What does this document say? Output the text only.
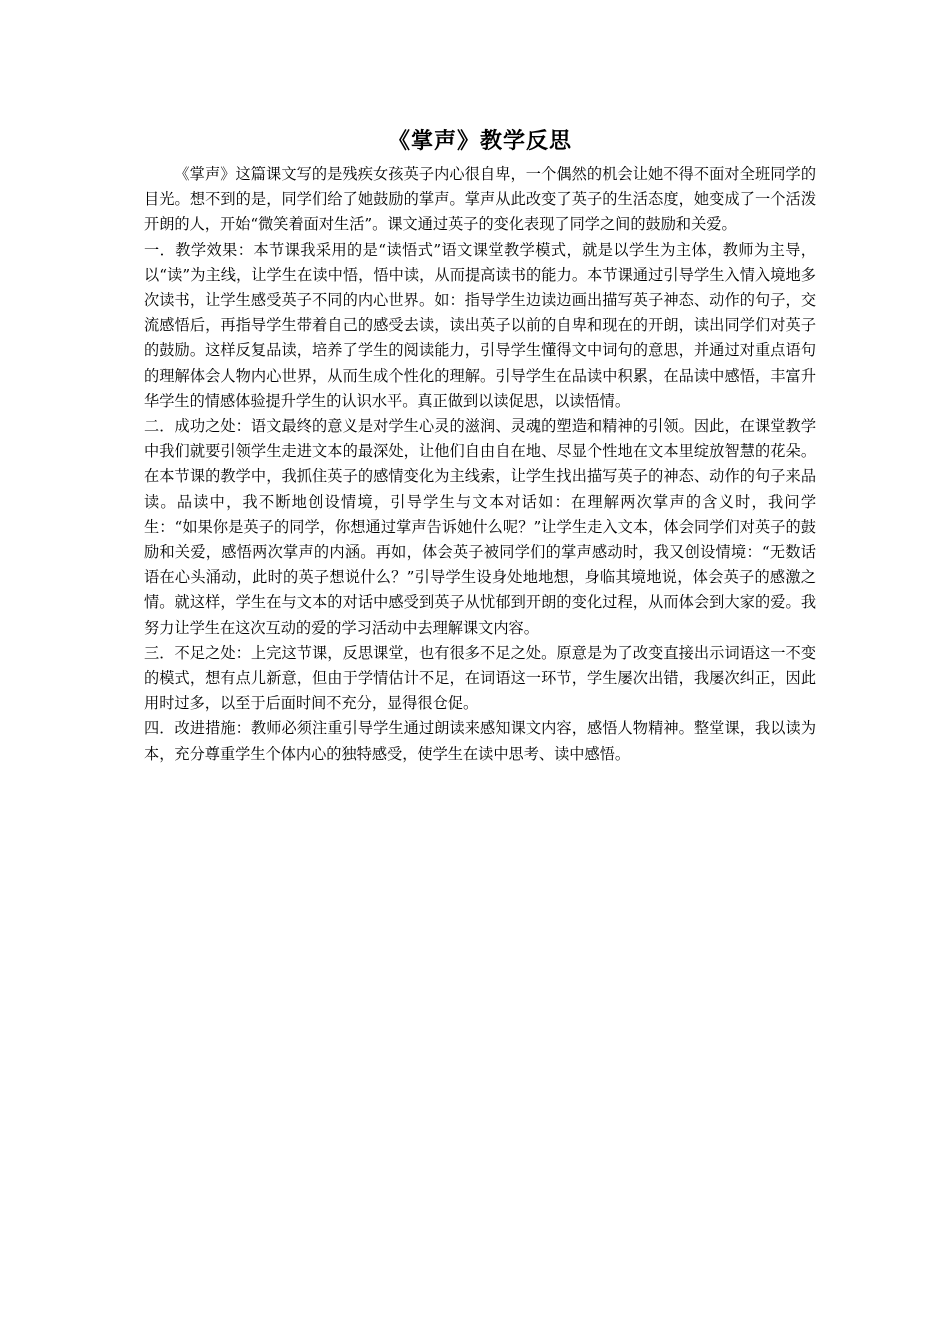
《掌声》教学反思

《掌声》这篇课文写的是残疾女孩英子内心很自卑，一个偶然的机会让她不得不面对全班同学的目光。想不到的是，同学们给了她鼓励的掌声。掌声从此改变了英子的生活态度，她变成了一个活泼开朗的人，开始“微笑着面对生活”。课文通过英子的变化表现了同学之间的鼓励和关爱。

一．教学效果：本节课我采用的是“读悟式”语文课堂教学模式，就是以学生为主体，教师为主导，以“读”为主线，让学生在读中悟，悟中读，从而提高读书的能力。本节课通过引导学生入情入境地多次读书，让学生感受英子不同的内心世界。如：指导学生边读边画出描写英子神态、动作的句子，交流感悟后，再指导学生带着自己的感受去读，读出英子以前的自卑和现在的开朗，读出同学们对英子的鼓励。这样反复品读，培养了学生的阅读能力，引导学生懂得文中词句的意思，并通过对重点语句的理解体会人物内心世界，从而生成个性化的理解。引导学生在品读中积累，在品读中感悟，丰富升华学生的情感体验提升学生的认识水平。真正做到以读促思，以读悟情。

二．成功之处：语文最终的意义是对学生心灵的滋润、灵魂的塑造和精神的引领。因此，在课堂教学中我们就要引领学生走进文本的最深处，让他们自由自在地、尽显个性地在文本里绽放智慧的花朵。在本节课的教学中，我抓住英子的感情变化为主线索，让学生找出描写英子的神态、动作的句子来品读。品读中，我不断地创设情境，引导学生与文本对话如：在理解两次掌声的含义时，我问学生：“如果你是英子的同学，你想通过掌声告诉她什么呢？”让学生走入文本，体会同学们对英子的鼓励和关爱，感悟两次掌声的内涵。再如，体会英子被同学们的掌声感动时，我又创设情境：“无数话语在心头涌动，此时的英子想说什么？”引导学生设身处地地想，身临其境地说，体会英子的感激之情。就这样，学生在与文本的对话中感受到英子从忧郁到开朗的变化过程，从而体会到大家的爱。我努力让学生在这次互动的爱的学习活动中去理解课文内容。

三．不足之处：上完这节课，反思课堂，也有很多不足之处。原意是为了改变直接出示词语这一不变的模式，想有点儿新意，但由于学情估计不足，在词语这一环节，学生屡次出错，我屡次纠正，因此用时过多，以至于后面时间不充分，显得很仓促。

四．改进措施：教师必须注重引导学生通过朗读来感知课文内容，感悟人物精神。整堂课，我以读为本，充分尊重学生个体内心的独特感受，使学生在读中思考、读中感悟。
